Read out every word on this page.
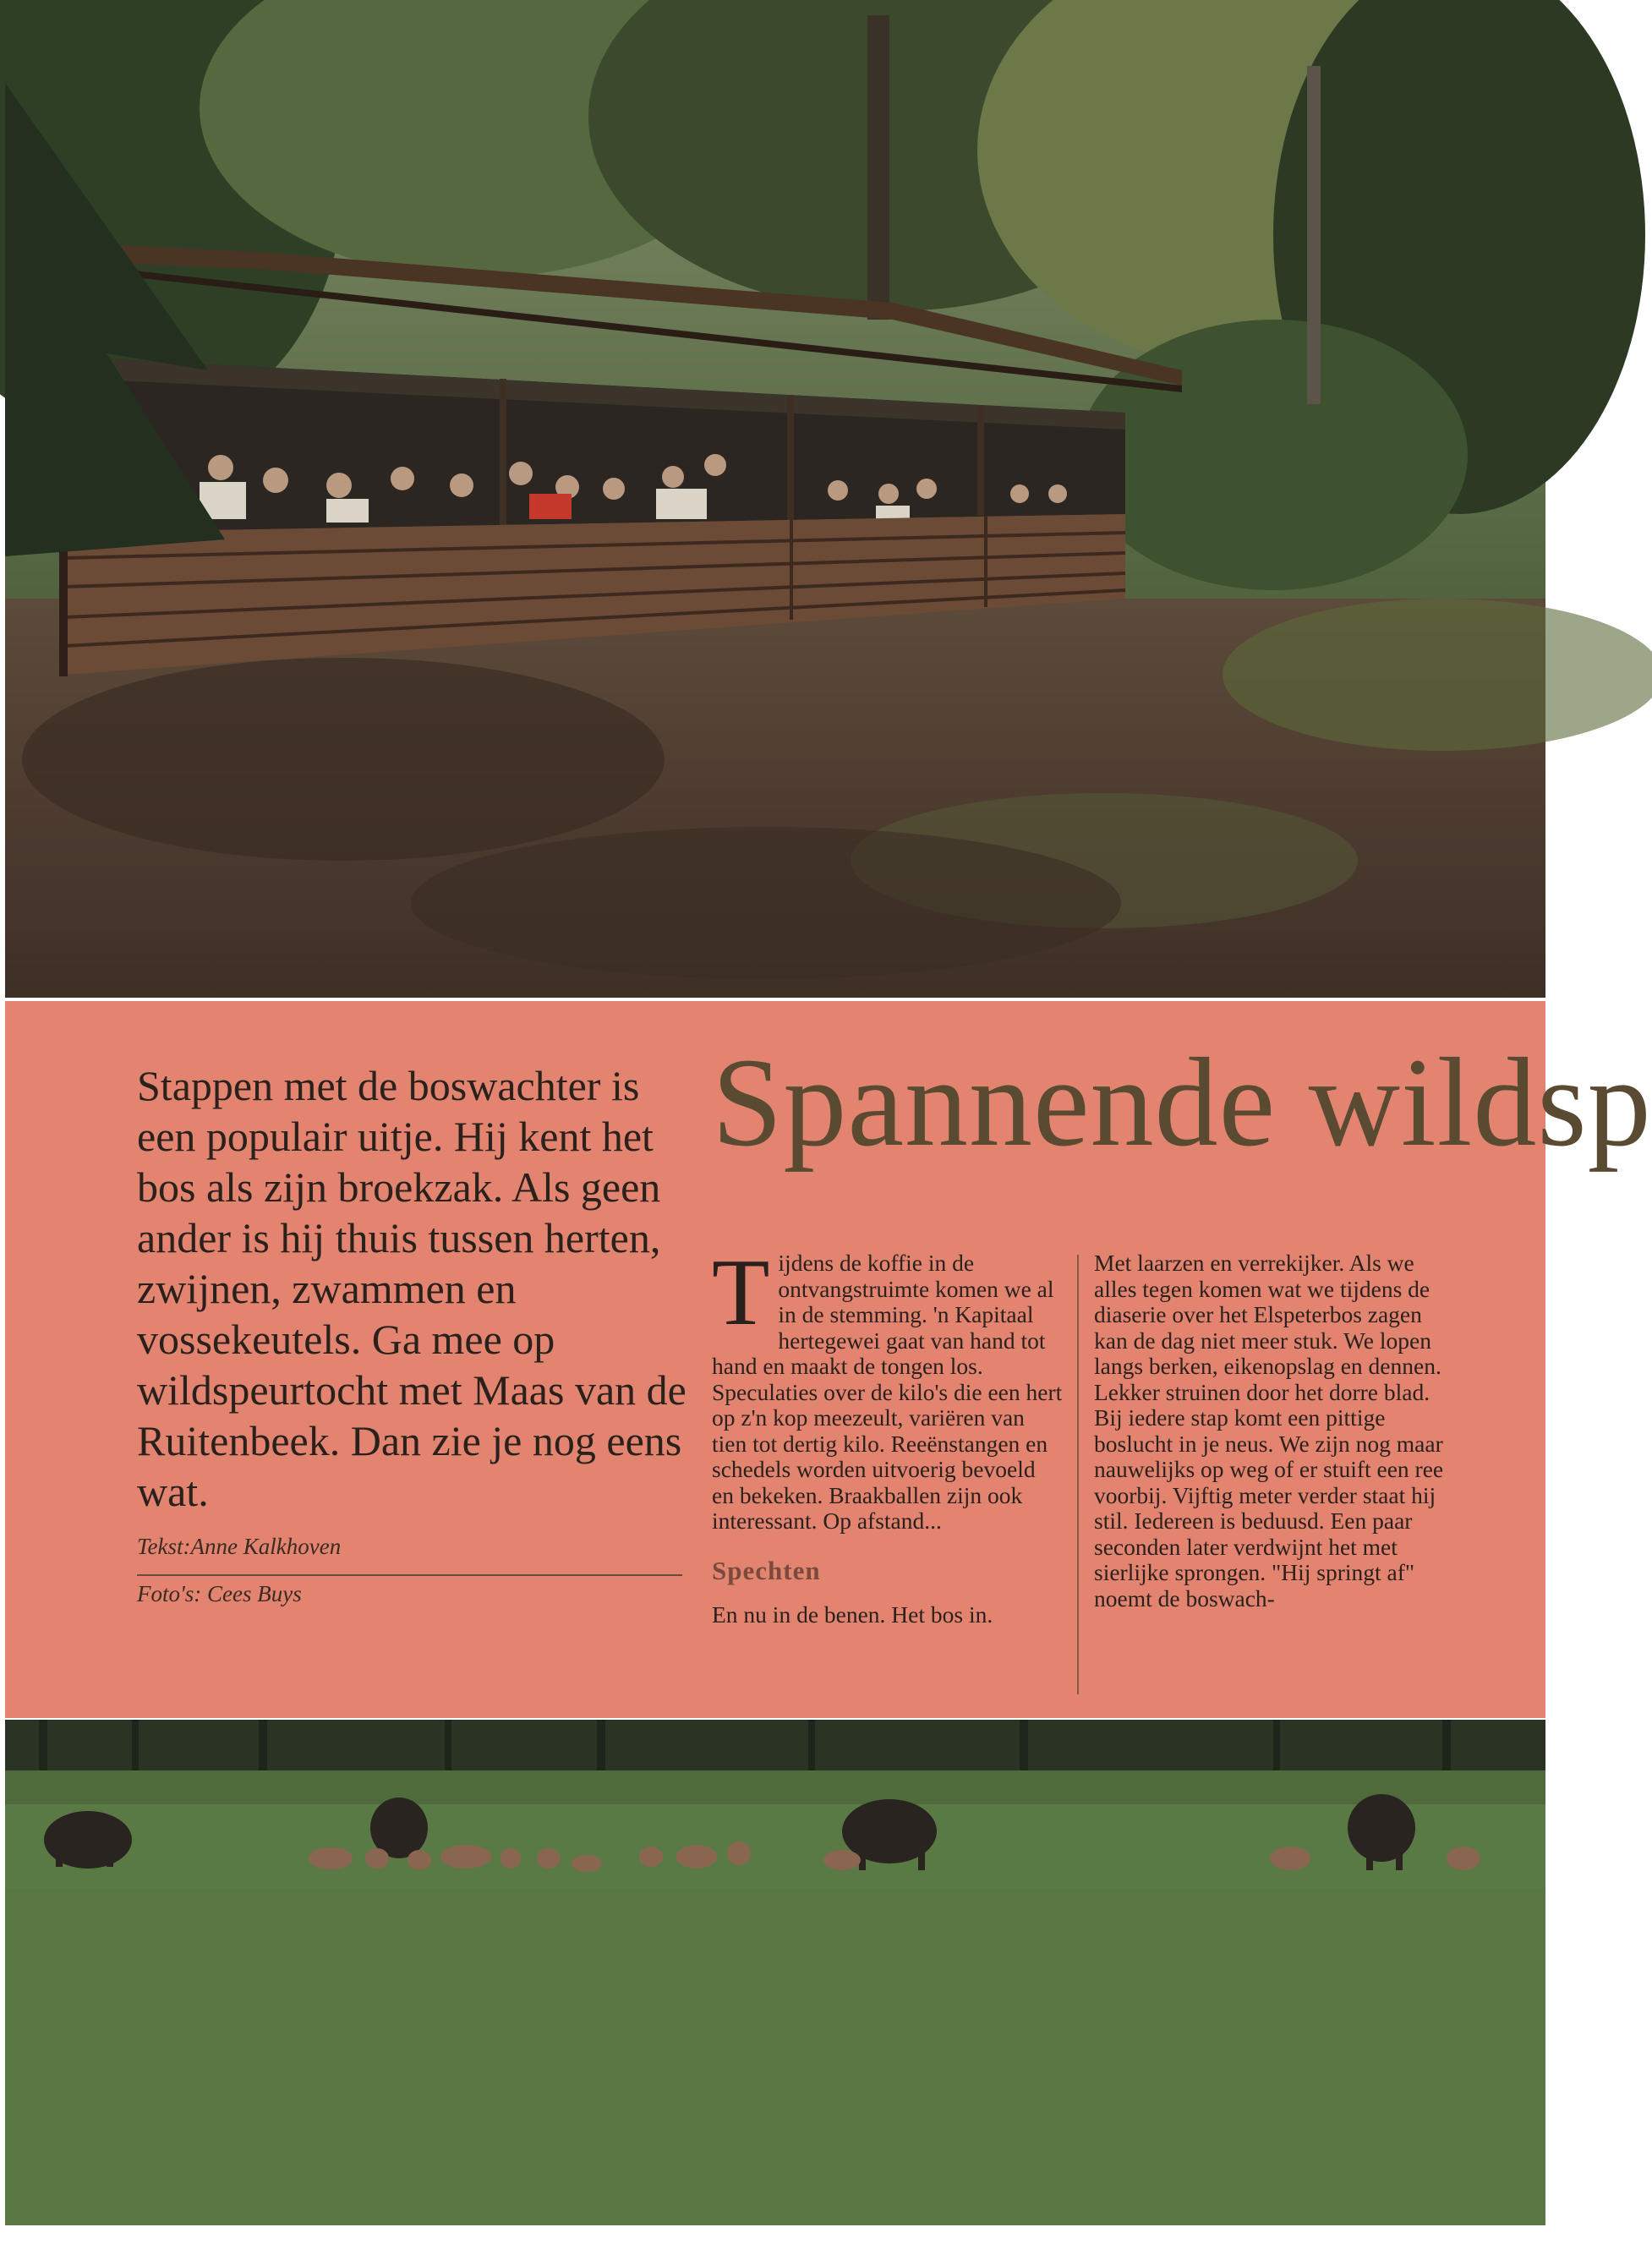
Stappen met de boswachter is een populair uitje. Hij kent het bos als zijn broekzak. Als geen ander is hij thuis tussen herten, zwijnen, zwammen en vossekeutels. Ga mee op wildspeurtocht met Maas van de Ruitenbeek. Dan zie je nog eens wat.

Tekst:Anne Kalkhoven
Foto's: Cees Buys
Spannende wildsp

Tijdens de koffie in de ontvangstruimte komen we al in de stemming. 'n Kapitaal hertegewei gaat van hand tot hand en maakt de tongen los. Speculaties over de kilo's die een hert op z'n kop meezeult, variëren van tien tot dertig kilo. Reeënstangen en schedels worden uitvoerig bevoeld en bekeken. Braakballen zijn ook interessant. Op afstand...

Spechten

En nu in de benen. Het bos in.

Met laarzen en verrekijker. Als we alles tegen komen wat we tijdens de diaserie over het Elspeterbos zagen kan de dag niet meer stuk. We lopen langs berken, eikenopslag en dennen. Lekker struinen door het dorre blad. Bij iedere stap komt een pittige boslucht in je neus. We zijn nog maar nauwelijks op weg of er stuift een ree voorbij. Vijftig meter verder staat hij stil. Iedereen is beduusd. Een paar seconden later verdwijnt het met sierlijke sprongen. "Hij springt af" noemt de boswach-
